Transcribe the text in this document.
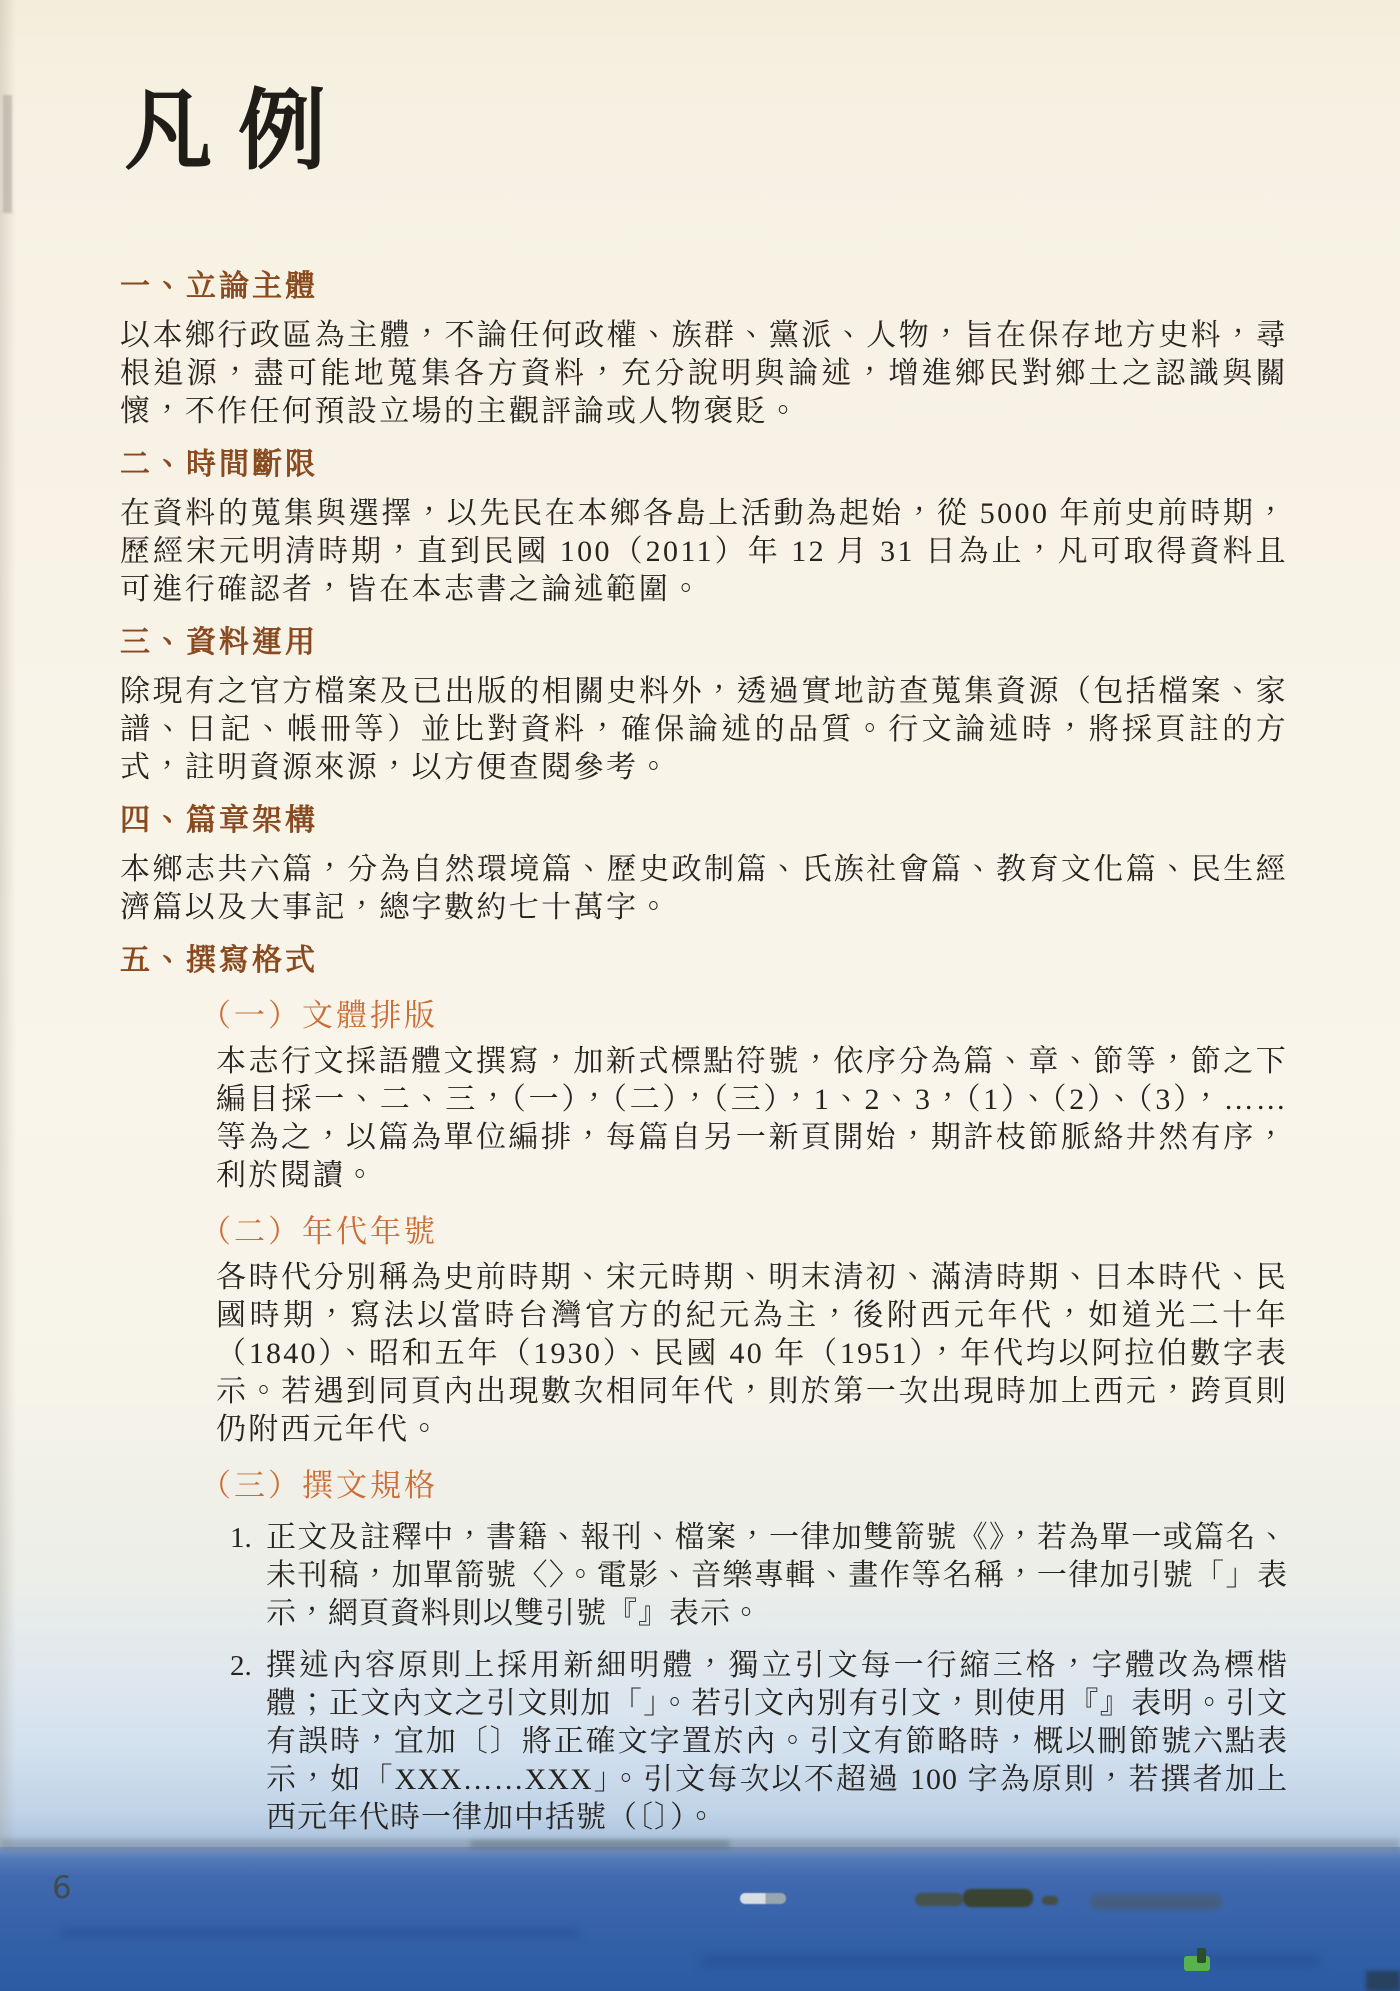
凡例
一、立論主體

以本鄉行政區為主體，不論任何政權、族群、黨派、人物，旨在保存地方史料，尋根追源，盡可能地蒐集各方資料，充分說明與論述，增進鄉民對鄉土之認識與關懷，不作任何預設立場的主觀評論或人物褒貶。

二、時間斷限

在資料的蒐集與選擇，以先民在本鄉各島上活動為起始，從 5000 年前史前時期，歷經宋元明清時期，直到民國 100（2011）年 12 月 31 日為止，凡可取得資料且可進行確認者，皆在本志書之論述範圍。

三、資料運用

除現有之官方檔案及已出版的相關史料外，透過實地訪查蒐集資源（包括檔案、家譜、日記、帳冊等）並比對資料，確保論述的品質。行文論述時，將採頁註的方式，註明資源來源，以方便查閱參考。

四、篇章架構

本鄉志共六篇，分為自然環境篇、歷史政制篇、氏族社會篇、教育文化篇、民生經濟篇以及大事記，總字數約七十萬字。

五、撰寫格式
（一）文體排版

本志行文採語體文撰寫，加新式標點符號，依序分為篇、章、節等，節之下編目採一、二、三，（一），（二），（三），1、2、3，（1）、（2）、（3），……等為之，以篇為單位編排，每篇自另一新頁開始，期許枝節脈絡井然有序，利於閱讀。

（二）年代年號

各時代分別稱為史前時期、宋元時期、明末清初、滿清時期、日本時代、民國時期，寫法以當時台灣官方的紀元為主，後附西元年代，如道光二十年（1840）、昭和五年（1930）、民國 40 年（1951），年代均以阿拉伯數字表示。若遇到同頁內出現數次相同年代，則於第一次出現時加上西元，跨頁則仍附西元年代。

（三）撰文規格
1. 正文及註釋中，書籍、報刊、檔案，一律加雙箭號《》，若為單一或篇名、未刊稿，加單箭號〈〉。電影、音樂專輯、畫作等名稱，一律加引號「」表示，網頁資料則以雙引號『』表示。
2. 撰述內容原則上採用新細明體，獨立引文每一行縮三格，字體改為標楷體；正文內文之引文則加「」。若引文內別有引文，則使用『』表明。引文有誤時，宜加〔〕將正確文字置於內。引文有節略時，概以刪節號六點表示，如「XXX……XXX」。引文每次以不超過 100 字為原則，若撰者加上西元年代時一律加中括號（〔〕）。
6
